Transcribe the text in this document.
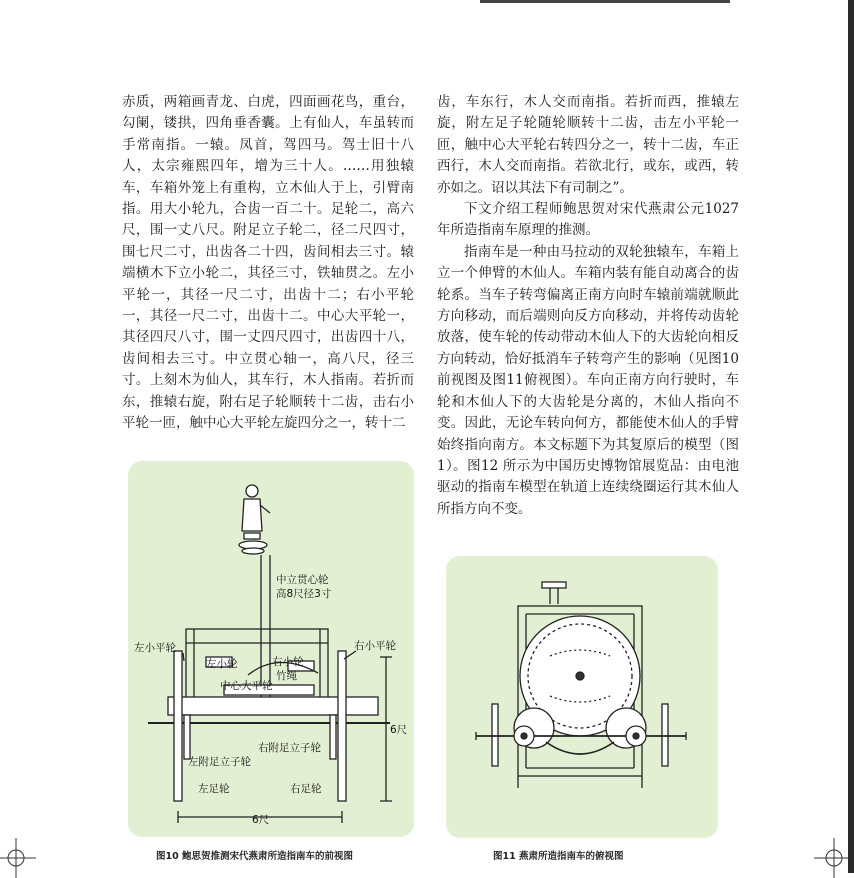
赤质，两箱画青龙、白虎，四面画花鸟，重台，勾阑，镂拱，四角垂香囊。上有仙人，车虽转而手常南指。一辕。凤首，驾四马。驾士旧十八人，太宗雍熙四年，增为三十人。……用独辕车，车箱外笼上有重构，立木仙人于上，引臂南指。用大小轮九，合齿一百二十。足轮二，高六尺，围一丈八尺。附足立子轮二，径二尺四寸，围七尺二寸，出齿各二十四，齿间相去三寸。辕端横木下立小轮二，其径三寸，铁轴贯之。左小平轮一，其径一尺二寸，出齿十二；右小平轮一，其径一尺二寸，出齿十二。中心大平轮一，其径四尺八寸，围一丈四尺四寸，出齿四十八，齿间相去三寸。中立贯心轴一，高八尺，径三寸。上刻木为仙人，其车行，木人指南。若折而东，推辕右旋，附右足子轮顺转十二齿，击右小平轮一匝，触中心大平轮左旋四分之一，转十二

齿，车东行，木人交而南指。若折而西，推辕左旋，附左足子轮随轮顺转十二齿，击左小平轮一匝，触中心大平轮右转四分之一，转十二齿，车正西行，木人交而南指。若欲北行，或东，或西，转亦如之。诏以其法下有司制之”。

下文介绍工程师鲍思贺对宋代燕肃公元1027年所造指南车原理的推测。

指南车是一种由马拉动的双轮独辕车，车箱上立一个伸臂的木仙人。车箱内装有能自动离合的齿轮系。当车子转弯偏离正南方向时车辕前端就顺此方向移动，而后端则向反方向移动，并将传动齿轮放落，使车轮的传动带动木仙人下的大齿轮向相反方向转动，恰好抵消车子转弯产生的影响（见图10前视图及图11俯视图）。车向正南方向行驶时，车轮和木仙人下的大齿轮是分离的，木仙人指向不变。因此，无论车转向何方，都能使木仙人的手臂始终指向南方。本文标题下为其复原后的模型（图1）。图12 所示为中国历史博物馆展览品：由电池驱动的指南车模型在轨道上连续绕圈运行其木仙人所指方向不变。

中立贯心轮
高8尺径3寸
左小平轮	右小平轮
左小轮	右小轮
竹绳
中心大平轮
6尺
右附足立子轮
左附足立子轮
左足轮	右足轮
6尺
图10 鲍思贺推测宋代燕肃所造指南车的前视图	图11 燕肃所造指南车的俯视图
